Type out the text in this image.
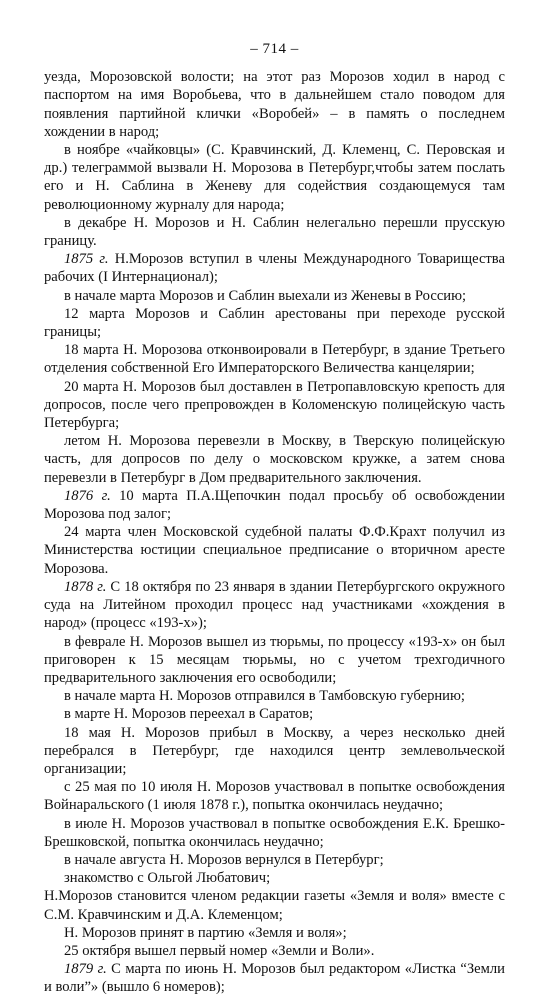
– 714 –

уезда, Морозовской волости; на этот раз Морозов ходил в народ с паспортом на имя Воробьева, что в дальнейшем стало поводом для появления партийной клички «Воробей» – в память о последнем хождении в народ;

в ноябре «чайковцы» (С. Кравчинский, Д. Клеменц, С. Перовская и др.) телеграммой вызвали Н. Морозова в Петербург,чтобы затем послать его и Н. Саблина в Женеву для содействия создающемуся там революционному журналу для народа;

в декабре Н. Морозов и Н. Саблин нелегально перешли прусскую границу.

1875 г. Н.Морозов вступил в члены Международного Товарищества рабочих (I Интернационал);

в начале марта Морозов и Саблин выехали из Женевы в Россию;

12 марта Морозов и Саблин арестованы при переходе русской границы;

18 марта Н. Морозова отконвоировали в Петербург, в здание Третьего отделения собственной Его Императорского Величества канцелярии;

20 марта Н. Морозов был доставлен в Петропавловскую крепость для допросов, после чего препровожден в Коломенскую полицейскую часть Петербурга;

летом Н. Морозова перевезли в Москву, в Тверскую полицейскую часть, для допросов по делу о московском кружке, а затем снова перевезли в Петербург в Дом предварительного заключения.

1876 г. 10 марта П.А.Щепочкин подал просьбу об освобождении Морозова под залог;

24 марта член Московской судебной палаты Ф.Ф.Крахт получил из Министерства юстиции специальное предписание о вторичном аресте Морозова.

1878 г. С 18 октября по 23 января в здании Петербургского окружного суда на Литейном проходил процесс над участниками «хождения в народ» (процесс «193-х»);

в феврале Н. Морозов вышел из тюрьмы, по процессу «193-х» он был приговорен к 15 месяцам тюрьмы, но с учетом трехгодичного предварительного заключения его освободили;

в начале марта Н. Морозов отправился в Тамбовскую губернию;

в марте Н. Морозов переехал в Саратов;

18 мая Н. Морозов прибыл в Москву, а через несколько дней перебрался в Петербург, где находился центр землевольческой организации;

с 25 мая по 10 июля Н. Морозов участвовал в попытке освобождения Войнаральского (1 июля 1878 г.), попытка окончилась неудачно;

в июле Н. Морозов участвовал в попытке освобождения Е.К. Брешко-Брешковской, попытка окончилась неудачно;

в начале августа Н. Морозов вернулся в Петербург;

знакомство с Ольгой Любатович;

Н.Морозов становится членом редакции газеты «Земля и воля» вместе с С.М. Кравчинским и Д.А. Клеменцом;

Н. Морозов принят в партию «Земля и воля»;

25 октября вышел первый номер «Земли и Воли».

1879 г. С марта по июнь Н. Морозов был редактором «Листка “Земли и воли”» (вышло 6 номеров);
